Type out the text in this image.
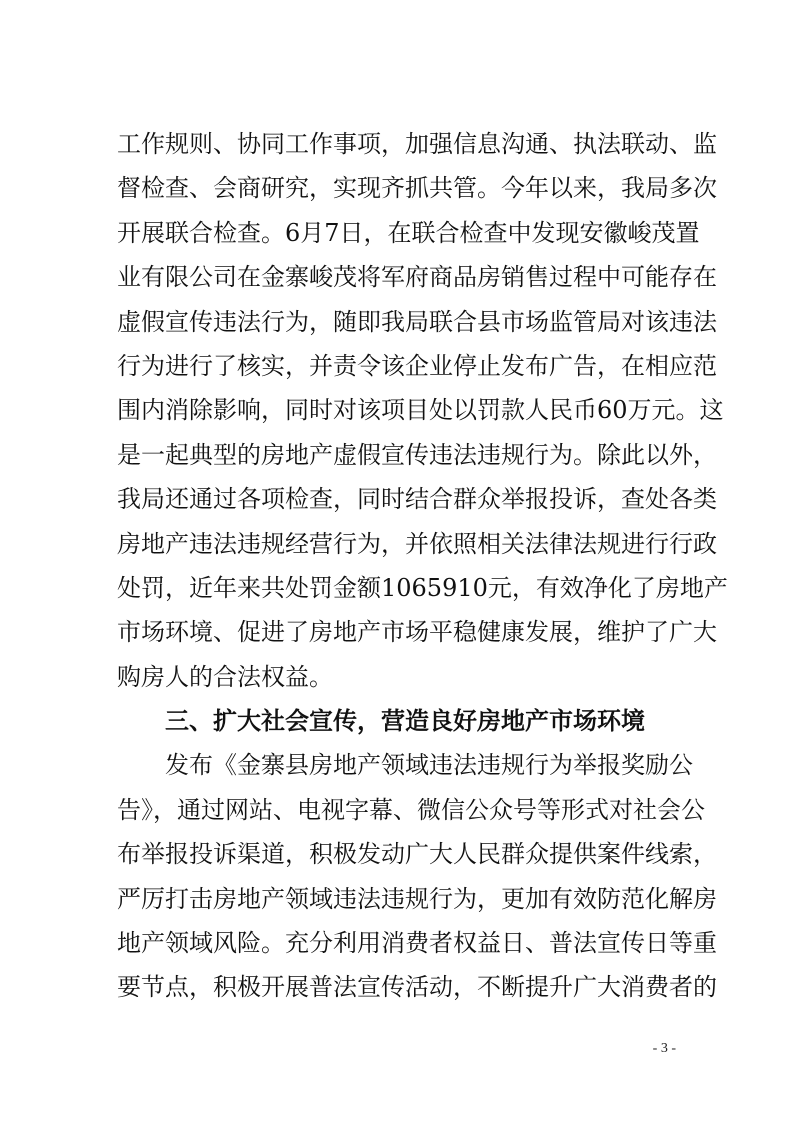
工作规则、协同工作事项，加强信息沟通、执法联动、监
督检查、会商研究，实现齐抓共管。今年以来，我局多次
开展联合检查。6月7日，在联合检查中发现安徽峻茂置
业有限公司在金寨峻茂将军府商品房销售过程中可能存在
虚假宣传违法行为，随即我局联合县市场监管局对该违法
行为进行了核实，并责令该企业停止发布广告，在相应范
围内消除影响，同时对该项目处以罚款人民币60万元。这
是一起典型的房地产虚假宣传违法违规行为。除此以外，
我局还通过各项检查，同时结合群众举报投诉，查处各类
房地产违法违规经营行为，并依照相关法律法规进行行政
处罚，近年来共处罚金额1065910元，有效净化了房地产
市场环境、促进了房地产市场平稳健康发展，维护了广大
购房人的合法权益。
三、扩大社会宣传，营造良好房地产市场环境
发布《金寨县房地产领域违法违规行为举报奖励公
告》，通过网站、电视字幕、微信公众号等形式对社会公
布举报投诉渠道，积极发动广大人民群众提供案件线索，
严厉打击房地产领域违法违规行为，更加有效防范化解房
地产领域风险。充分利用消费者权益日、普法宣传日等重
要节点，积极开展普法宣传活动，不断提升广大消费者的
- 3 -
